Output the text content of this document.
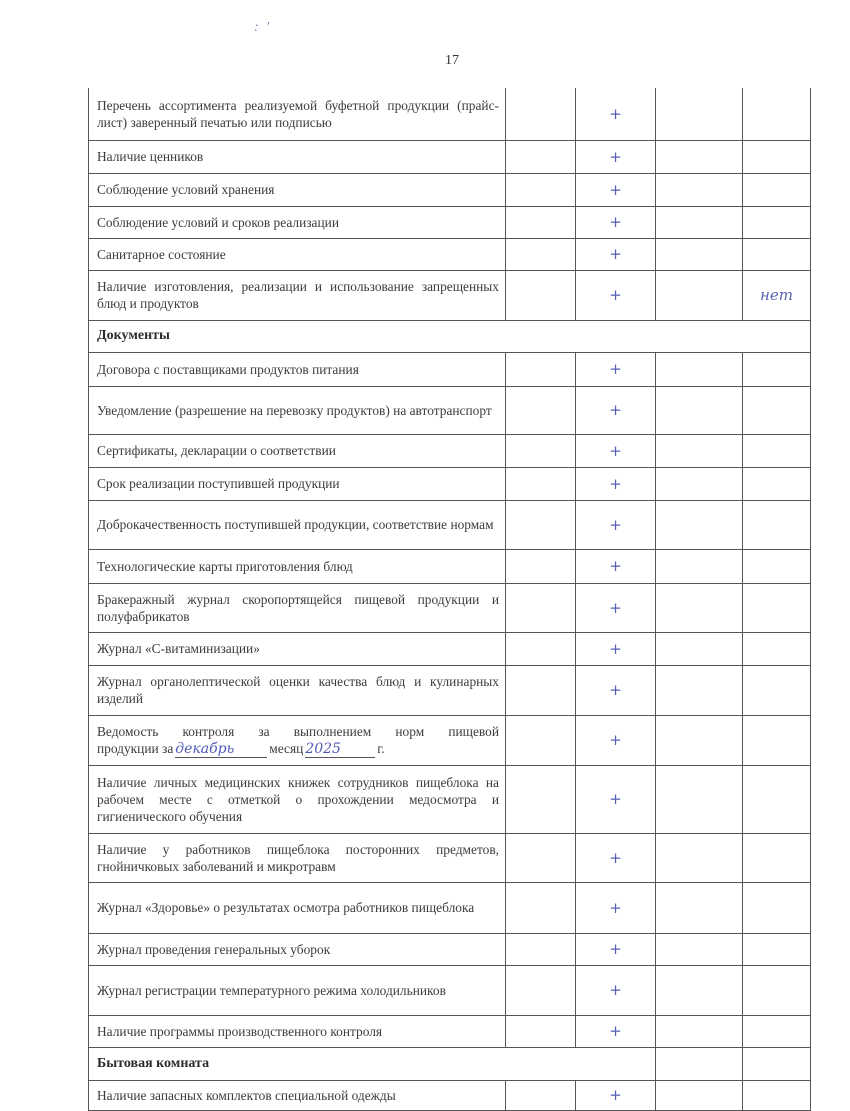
: '
17
Перечень ассортимента реализуемой буфетной продукции (прайс-лист) заверенный печатью или подписью		+		
Наличие ценников		+		
Соблюдение условий хранения		+		
Соблюдение условий и сроков реализации		+		
Санитарное состояние		+		
Наличие изготовления, реализации и использование запрещенных блюд и продуктов		+		нет
Документы				
Договора с поставщиками продуктов питания		+		
Уведомление (разрешение на перевозку продуктов) на автотранспорт		+		
Сертификаты, декларации о соответствии		+		
Срок реализации поступившей продукции		+		
Доброкачественность поступившей продукции, соответствие нормам		+		
Технологические карты приготовления блюд		+		
Бракеражный журнал скоропортящейся пищевой продукции и полуфабрикатов		+		
Журнал «С-витаминизации»		+		
Журнал органолептической оценки качества блюд и кулинарных изделий		+		

Ведомость контроля за выполнением норм пищевой
продукции за декабрь месяц 2025 г.		+		
Наличие личных медицинских книжек сотрудников пищеблока на рабочем месте с отметкой о прохождении медосмотра и гигиенического обучения		+		
Наличие у работников пищеблока посторонних предметов, гнойничковых заболеваний и микротравм		+		
Журнал «Здоровье» о результатах осмотра работников пищеблока		+		
Журнал проведения генеральных уборок		+		
Журнал регистрации температурного режима холодильников		+		
Наличие программы производственного контроля		+		
Бытовая комната				
Наличие запасных комплектов специальной одежды		+		
